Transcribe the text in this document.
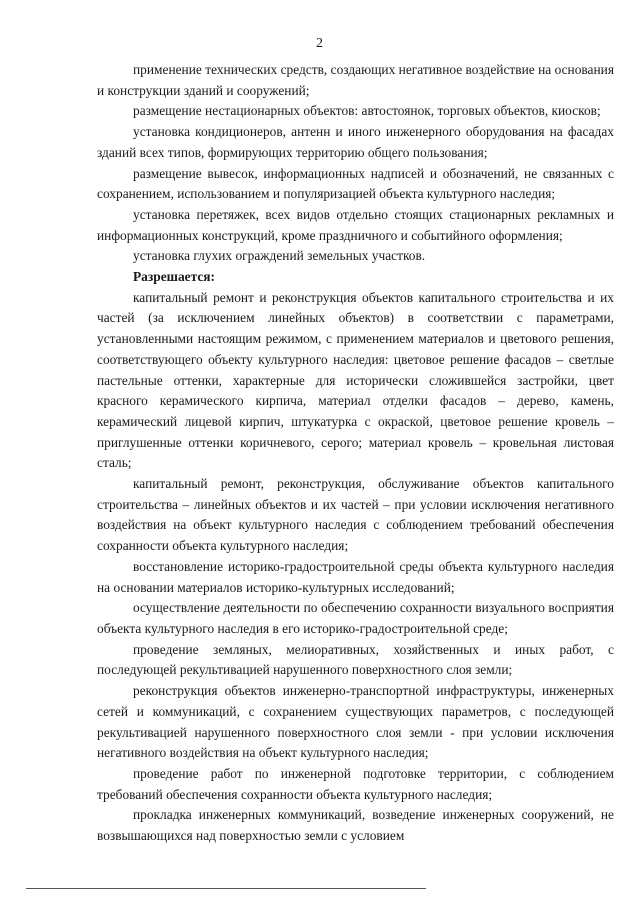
2

применение технических средств, создающих негативное воздействие на основания и конструкции зданий и сооружений;

размещение нестационарных объектов: автостоянок, торговых объектов, киосков;

установка кондиционеров, антенн и иного инженерного оборудования на фасадах зданий всех типов, формирующих территорию общего пользования;

размещение вывесок, информационных надписей и обозначений, не связанных с сохранением, использованием и популяризацией объекта культурного наследия;

установка перетяжек, всех видов отдельно стоящих стационарных рекламных и информационных конструкций, кроме праздничного и событийного оформления;

установка глухих ограждений земельных участков.

Разрешается:

капитальный ремонт и реконструкция объектов капитального строительства и их частей (за исключением линейных объектов) в соответствии с параметрами, установленными настоящим режимом, с применением материалов и цветового решения, соответствующего объекту культурного наследия: цветовое решение фасадов – светлые пастельные оттенки, характерные для исторически сложившейся застройки, цвет красного керамического кирпича, материал отделки фасадов – дерево, камень, керамический лицевой кирпич, штукатурка с окраской, цветовое решение кровель – приглушенные оттенки коричневого, серого; материал кровель – кровельная листовая сталь;

капитальный ремонт, реконструкция, обслуживание объектов капитального строительства – линейных объектов и их частей – при условии исключения негативного воздействия на объект культурного наследия с соблюдением требований обеспечения сохранности объекта культурного наследия;

восстановление историко-градостроительной среды объекта культурного наследия на основании материалов историко-культурных исследований;

осуществление деятельности по обеспечению сохранности визуального восприятия объекта культурного наследия в его историко-градостроительной среде;

проведение земляных, мелиоративных, хозяйственных и иных работ, с последующей рекультивацией нарушенного поверхностного слоя земли;

реконструкция объектов инженерно-транспортной инфраструктуры, инженерных сетей и коммуникаций, с сохранением существующих параметров, с последующей рекультивацией нарушенного поверхностного слоя земли - при условии исключения негативного воздействия на объект культурного наследия;

проведение работ по инженерной подготовке территории, с соблюдением требований обеспечения сохранности объекта культурного наследия;

прокладка инженерных коммуникаций, возведение инженерных сооружений, не возвышающихся над поверхностью земли с условием
